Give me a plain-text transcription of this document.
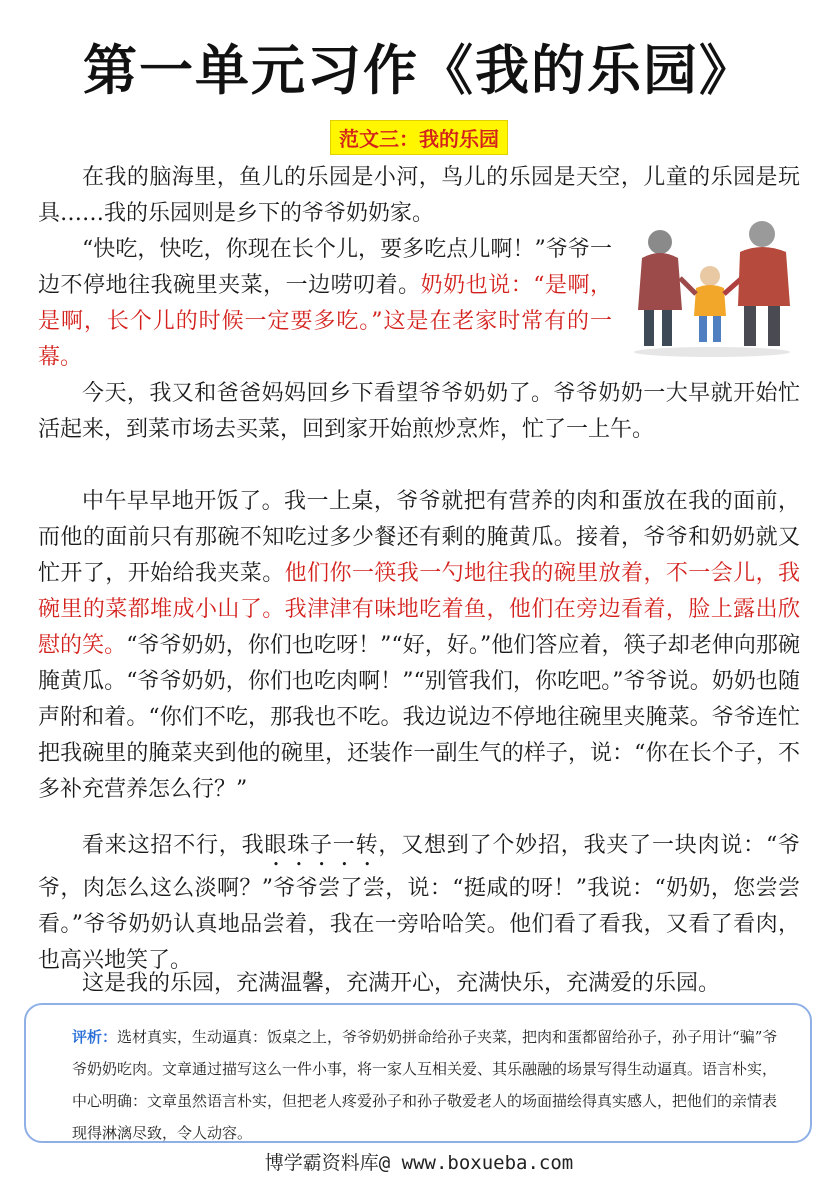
第一单元习作《我的乐园》
范文三：我的乐园

在我的脑海里，鱼儿的乐园是小河，鸟儿的乐园是天空，儿童的乐园是玩具……我的乐园则是乡下的爷爷奶奶家。

“快吃，快吃，你现在长个儿，要多吃点儿啊！”爷爷一边不停地往我碗里夹菜，一边唠叨着。奶奶也说：“是啊，是啊，长个儿的时候一定要多吃。”这是在老家时常有的一幕。

今天，我又和爸爸妈妈回乡下看望爷爷奶奶了。爷爷奶奶一大早就开始忙活起来，到菜市场去买菜，回到家开始煎炒烹炸，忙了一上午。

中午早早地开饭了。我一上桌，爷爷就把有营养的肉和蛋放在我的面前，而他的面前只有那碗不知吃过多少餐还有剩的腌黄瓜。接着，爷爷和奶奶就又忙开了，开始给我夹菜。他们你一筷我一勺地往我的碗里放着，不一会儿，我碗里的菜都堆成小山了。我津津有味地吃着鱼，他们在旁边看着，脸上露出欣慰的笑。“爷爷奶奶，你们也吃呀！”“好，好。”他们答应着，筷子却老伸向那碗腌黄瓜。“爷爷奶奶，你们也吃肉啊！”“别管我们，你吃吧。”爷爷说。奶奶也随声附和着。“你们不吃，那我也不吃。我边说边不停地往碗里夹腌菜。爷爷连忙把我碗里的腌菜夹到他的碗里，还装作一副生气的样子，说：“你在长个子，不多补充营养怎么行？”

看来这招不行，我眼珠子一转，又想到了个妙招，我夹了一块肉说：“爷爷，肉怎么这么淡啊？”爷爷尝了尝，说：“挺咸的呀！”我说：“奶奶，您尝尝看。”爷爷奶奶认真地品尝着，我在一旁哈哈笑。他们看了看我，又看了看肉，也高兴地笑了。

这是我的乐园，充满温馨，充满开心，充满快乐，充满爱的乐园。

评析：选材真实，生动逼真：饭桌之上，爷爷奶奶拼命给孙子夹菜，把肉和蛋都留给孙子，孙子用计“骗”爷爷奶奶吃肉。文章通过描写这么一件小事，将一家人互相关爱、其乐融融的场景写得生动逼真。语言朴实，中心明确：文章虽然语言朴实，但把老人疼爱孙子和孙子敬爱老人的场面描绘得真实感人，把他们的亲情表现得淋漓尽致，令人动容。
博学霸资料库@ www.boxueba.com
